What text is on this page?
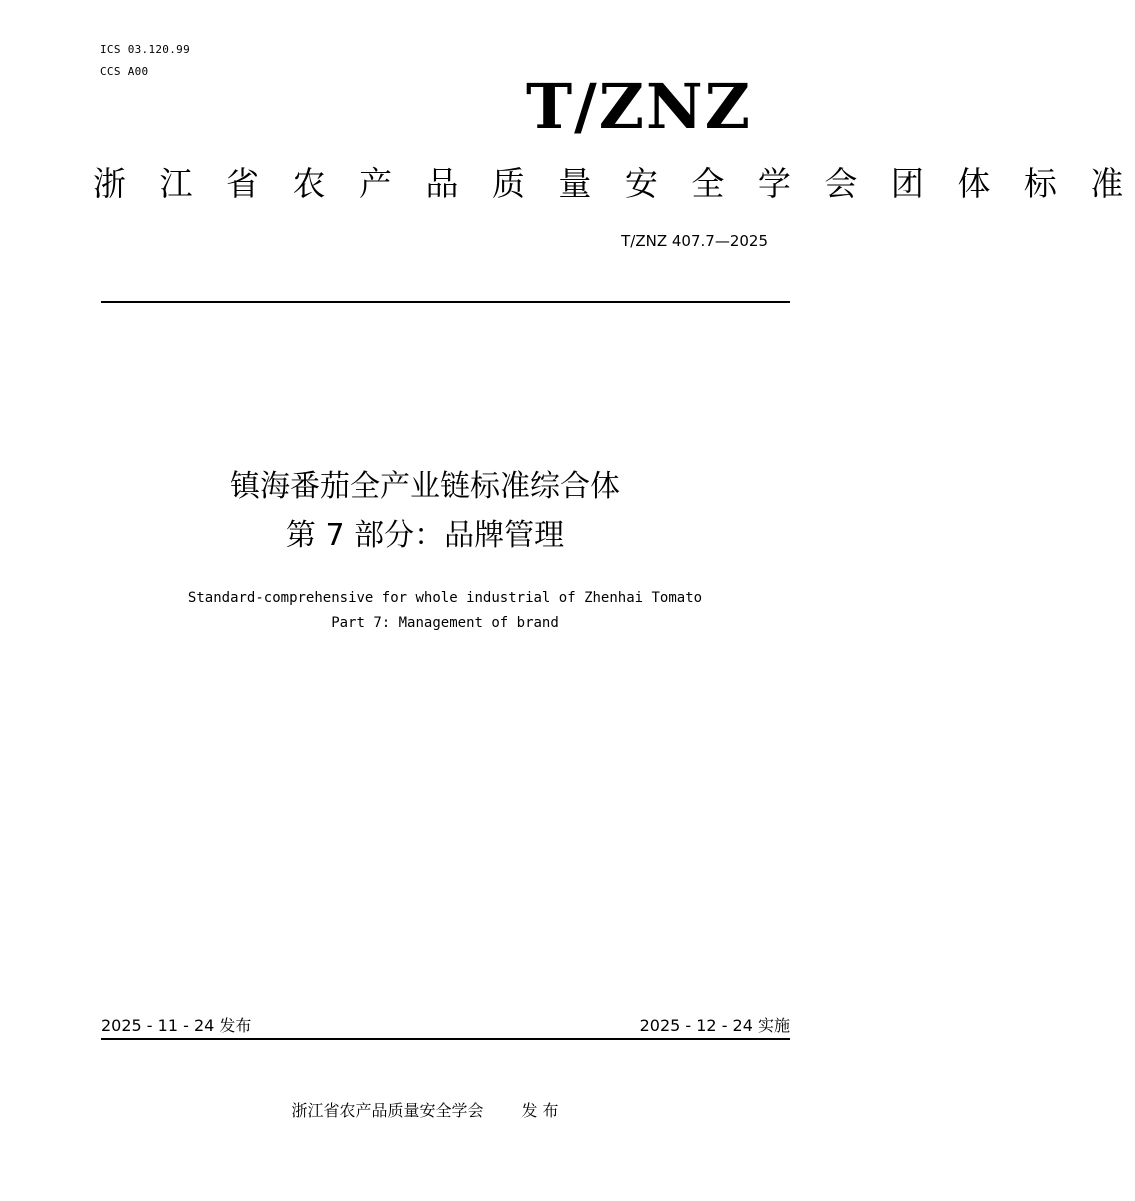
ICS 03.120.99
CCS A00	T/ZNZ
浙 江 省 农 产 品 质 量 安 全 学 会 团 体 标 准
T/ZNZ 407.7—2025
镇海番茄全产业链标准综合体
第 7 部分：品牌管理
Standard-comprehensive for whole industrial of Zhenhai Tomato
Part 7: Management of brand
2025 - 11 - 24 发布	2025 - 12 - 24 实施
浙江省农产品质量安全学会 发 布
